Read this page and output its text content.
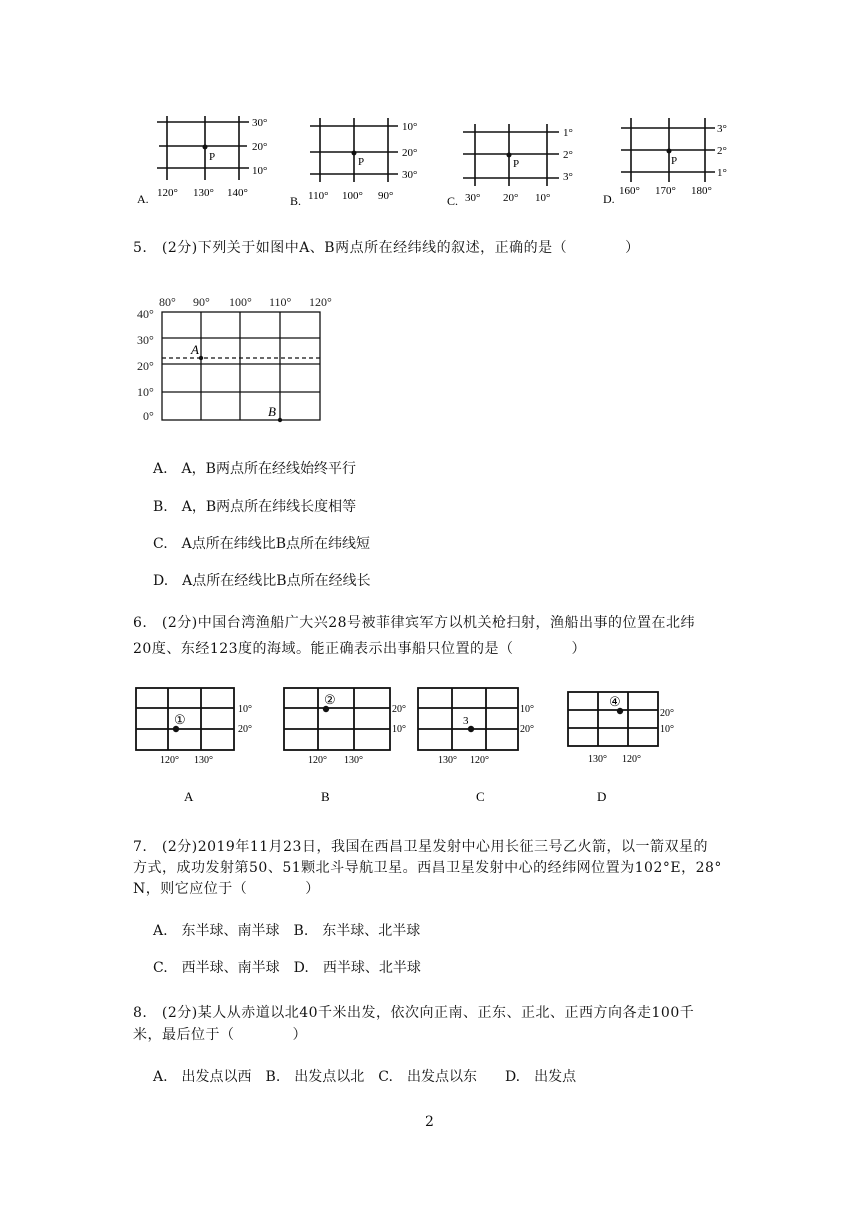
P
30°
20°
10°
120° 130° 140°
A.
P
10°
20°
30°
110° 100° 90°
B.
P
1°
2°
3°
30° 20° 10°
C.
P
3°
2°
1°
160° 170° 180°
D.
5.　(2分)下列关于如图中A、B两点所在经纬线的叙述，正确的是（　　　　）
80° 90° 100° 110° 120°
40°
30°
20°
10°
0°
A
B
A.　A，B两点所在经线始终平行
B.　A，B两点所在纬线长度相等
C.　A点所在纬线比B点所在纬线短
D.　A点所在经线比B点所在经线长
6.　(2分)中国台湾渔船广大兴28号被菲律宾军方以机关枪扫射，渔船出事的位置在北纬
20度、东经123度的海域。能正确表示出事船只位置的是（　　　　）
①
10°
20°
120° 130°
A
②
20°
10°
120° 130°
B
3
10°
20°
130° 120°
C
④
20°
10°
130° 120°
D
7.　(2分)2019年11月23日，我国在西昌卫星发射中心用长征三号乙火箭，以一箭双星的
方式，成功发射第50、51颗北斗导航卫星。西昌卫星发射中心的经纬网位置为102°E，28°
N，则它应位于（　　　　）
A.　东半球、南半球　B.　东半球、北半球
C.　西半球、南半球　D.　西半球、北半球
8.　(2分)某人从赤道以北40千米出发，依次向正南、正东、正北、正西方向各走100千
米，最后位于（　　　　）
A.　出发点以西　B.　出发点以北　C.　出发点以东　　D.　出发点
2
